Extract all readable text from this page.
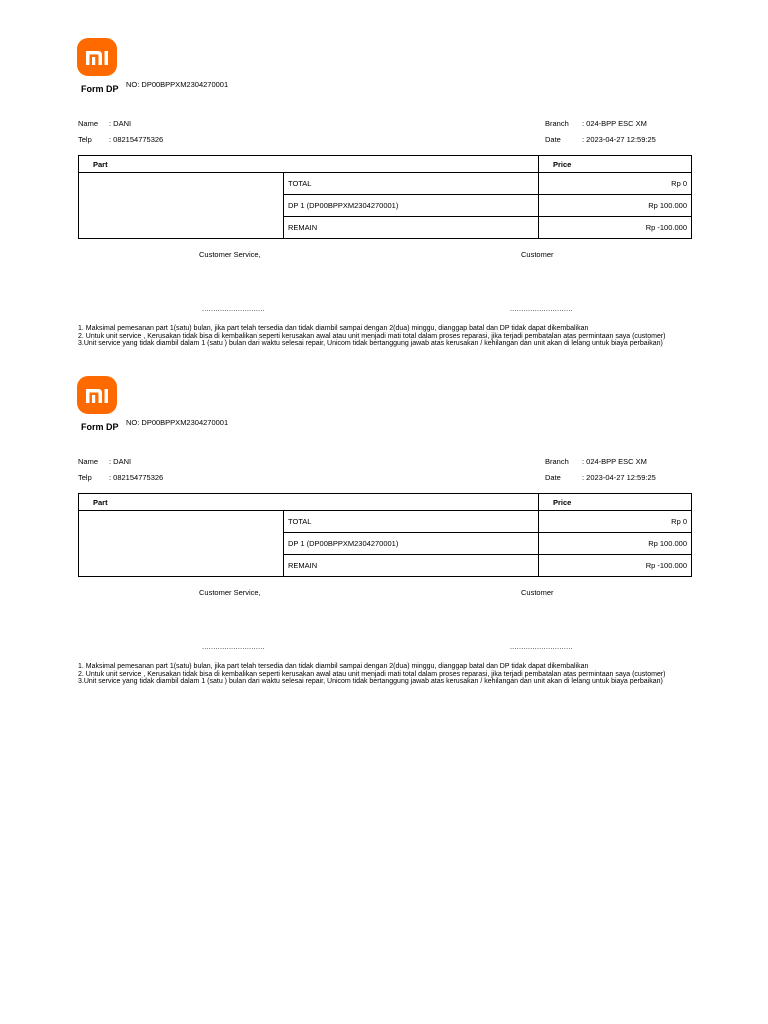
Form DP NO: DP00BPPXM2304270001
Name : DANI
Telp : 082154775326
Branch : 024-BPP ESC XM
Date	: 2023-04-27 12:59:25
Part		Price
	TOTAL	Rp 0
	DP 1 (DP00BPPXM2304270001)	Rp 100.000
	REMAIN	Rp -100.000
Customer Service,	Customer
............................	............................
1. Maksimal pemesanan part 1(satu) bulan, jika part telah tersedia dan tidak diambil sampai dengan 2(dua) minggu, dianggap batal dan DP tidak dapat dikembalikan
2. Untuk unit service , Kerusakan tidak bisa di kembalikan seperti kerusakan awal atau unit menjadi mati total dalam proses reparasi, jika terjadi pembatalan atas permintaan saya (customer)
3.Unit service yang tidak diambil dalam 1 (satu ) bulan dari waktu selesai repair, Unicom tidak bertanggung jawab atas kerusakan / kehilangan dan unit akan di lelang untuk biaya perbaikan)
Form DP NO: DP00BPPXM2304270001
Name : DANI
Telp : 082154775326
Branch : 024-BPP ESC XM
Date	: 2023-04-27 12:59:25
Part		Price
	TOTAL	Rp 0
	DP 1 (DP00BPPXM2304270001)	Rp 100.000
	REMAIN	Rp -100.000
Customer Service,	Customer
............................	............................
1. Maksimal pemesanan part 1(satu) bulan, jika part telah tersedia dan tidak diambil sampai dengan 2(dua) minggu, dianggap batal dan DP tidak dapat dikembalikan
2. Untuk unit service , Kerusakan tidak bisa di kembalikan seperti kerusakan awal atau unit menjadi mati total dalam proses reparasi, jika terjadi pembatalan atas permintaan saya (customer)
3.Unit service yang tidak diambil dalam 1 (satu ) bulan dari waktu selesai repair, Unicom tidak bertanggung jawab atas kerusakan / kehilangan dan unit akan di lelang untuk biaya perbaikan)
